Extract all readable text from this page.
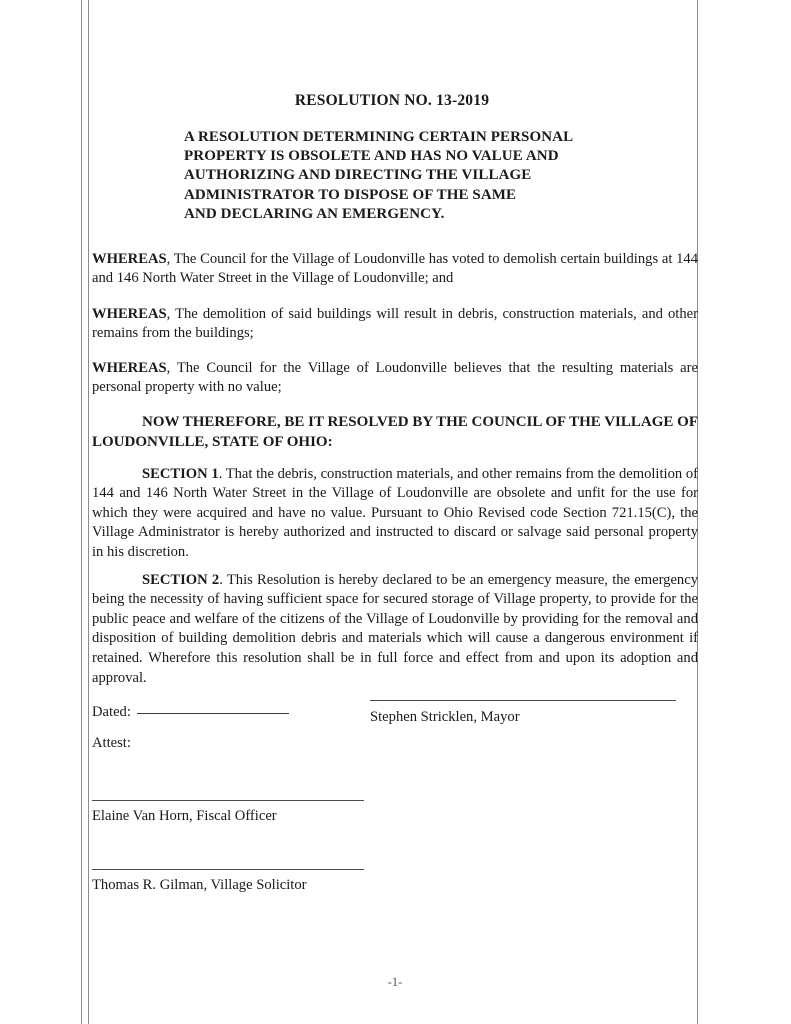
RESOLUTION NO. 13-2019
A RESOLUTION DETERMINING CERTAIN PERSONAL
PROPERTY IS OBSOLETE AND HAS NO VALUE AND
AUTHORIZING AND DIRECTING THE VILLAGE
ADMINISTRATOR TO DISPOSE OF THE SAME
AND DECLARING AN EMERGENCY.

WHEREAS, The Council for the Village of Loudonville has voted to demolish certain buildings at 144 and 146 North Water Street in the Village of Loudonville; and

WHEREAS, The demolition of said buildings will result in debris, construction materials, and other remains from the buildings;

WHEREAS, The Council for the Village of Loudonville believes that the resulting materials are personal property with no value;

NOW THEREFORE, BE IT RESOLVED BY THE COUNCIL OF THE VILLAGE OF LOUDONVILLE, STATE OF OHIO:

SECTION 1. That the debris, construction materials, and other remains from the demolition of 144 and 146 North Water Street in the Village of Loudonville are obsolete and unfit for the use for which they were acquired and have no value. Pursuant to Ohio Revised code Section 721.15(C), the Village Administrator is hereby authorized and instructed to discard or salvage said personal property in his discretion.

SECTION 2. This Resolution is hereby declared to be an emergency measure, the emergency being the necessity of having sufficient space for secured storage of Village property, to provide for the public peace and welfare of the citizens of the Village of Loudonville by providing for the removal and disposition of building demolition debris and materials which will cause a dangerous environment if retained. Wherefore this resolution shall be in full force and effect from and upon its adoption and approval.

Dated:
Attest:
Stephen Stricklen, Mayor
Elaine Van Horn, Fiscal Officer
Thomas R. Gilman, Village Solicitor
-1-
